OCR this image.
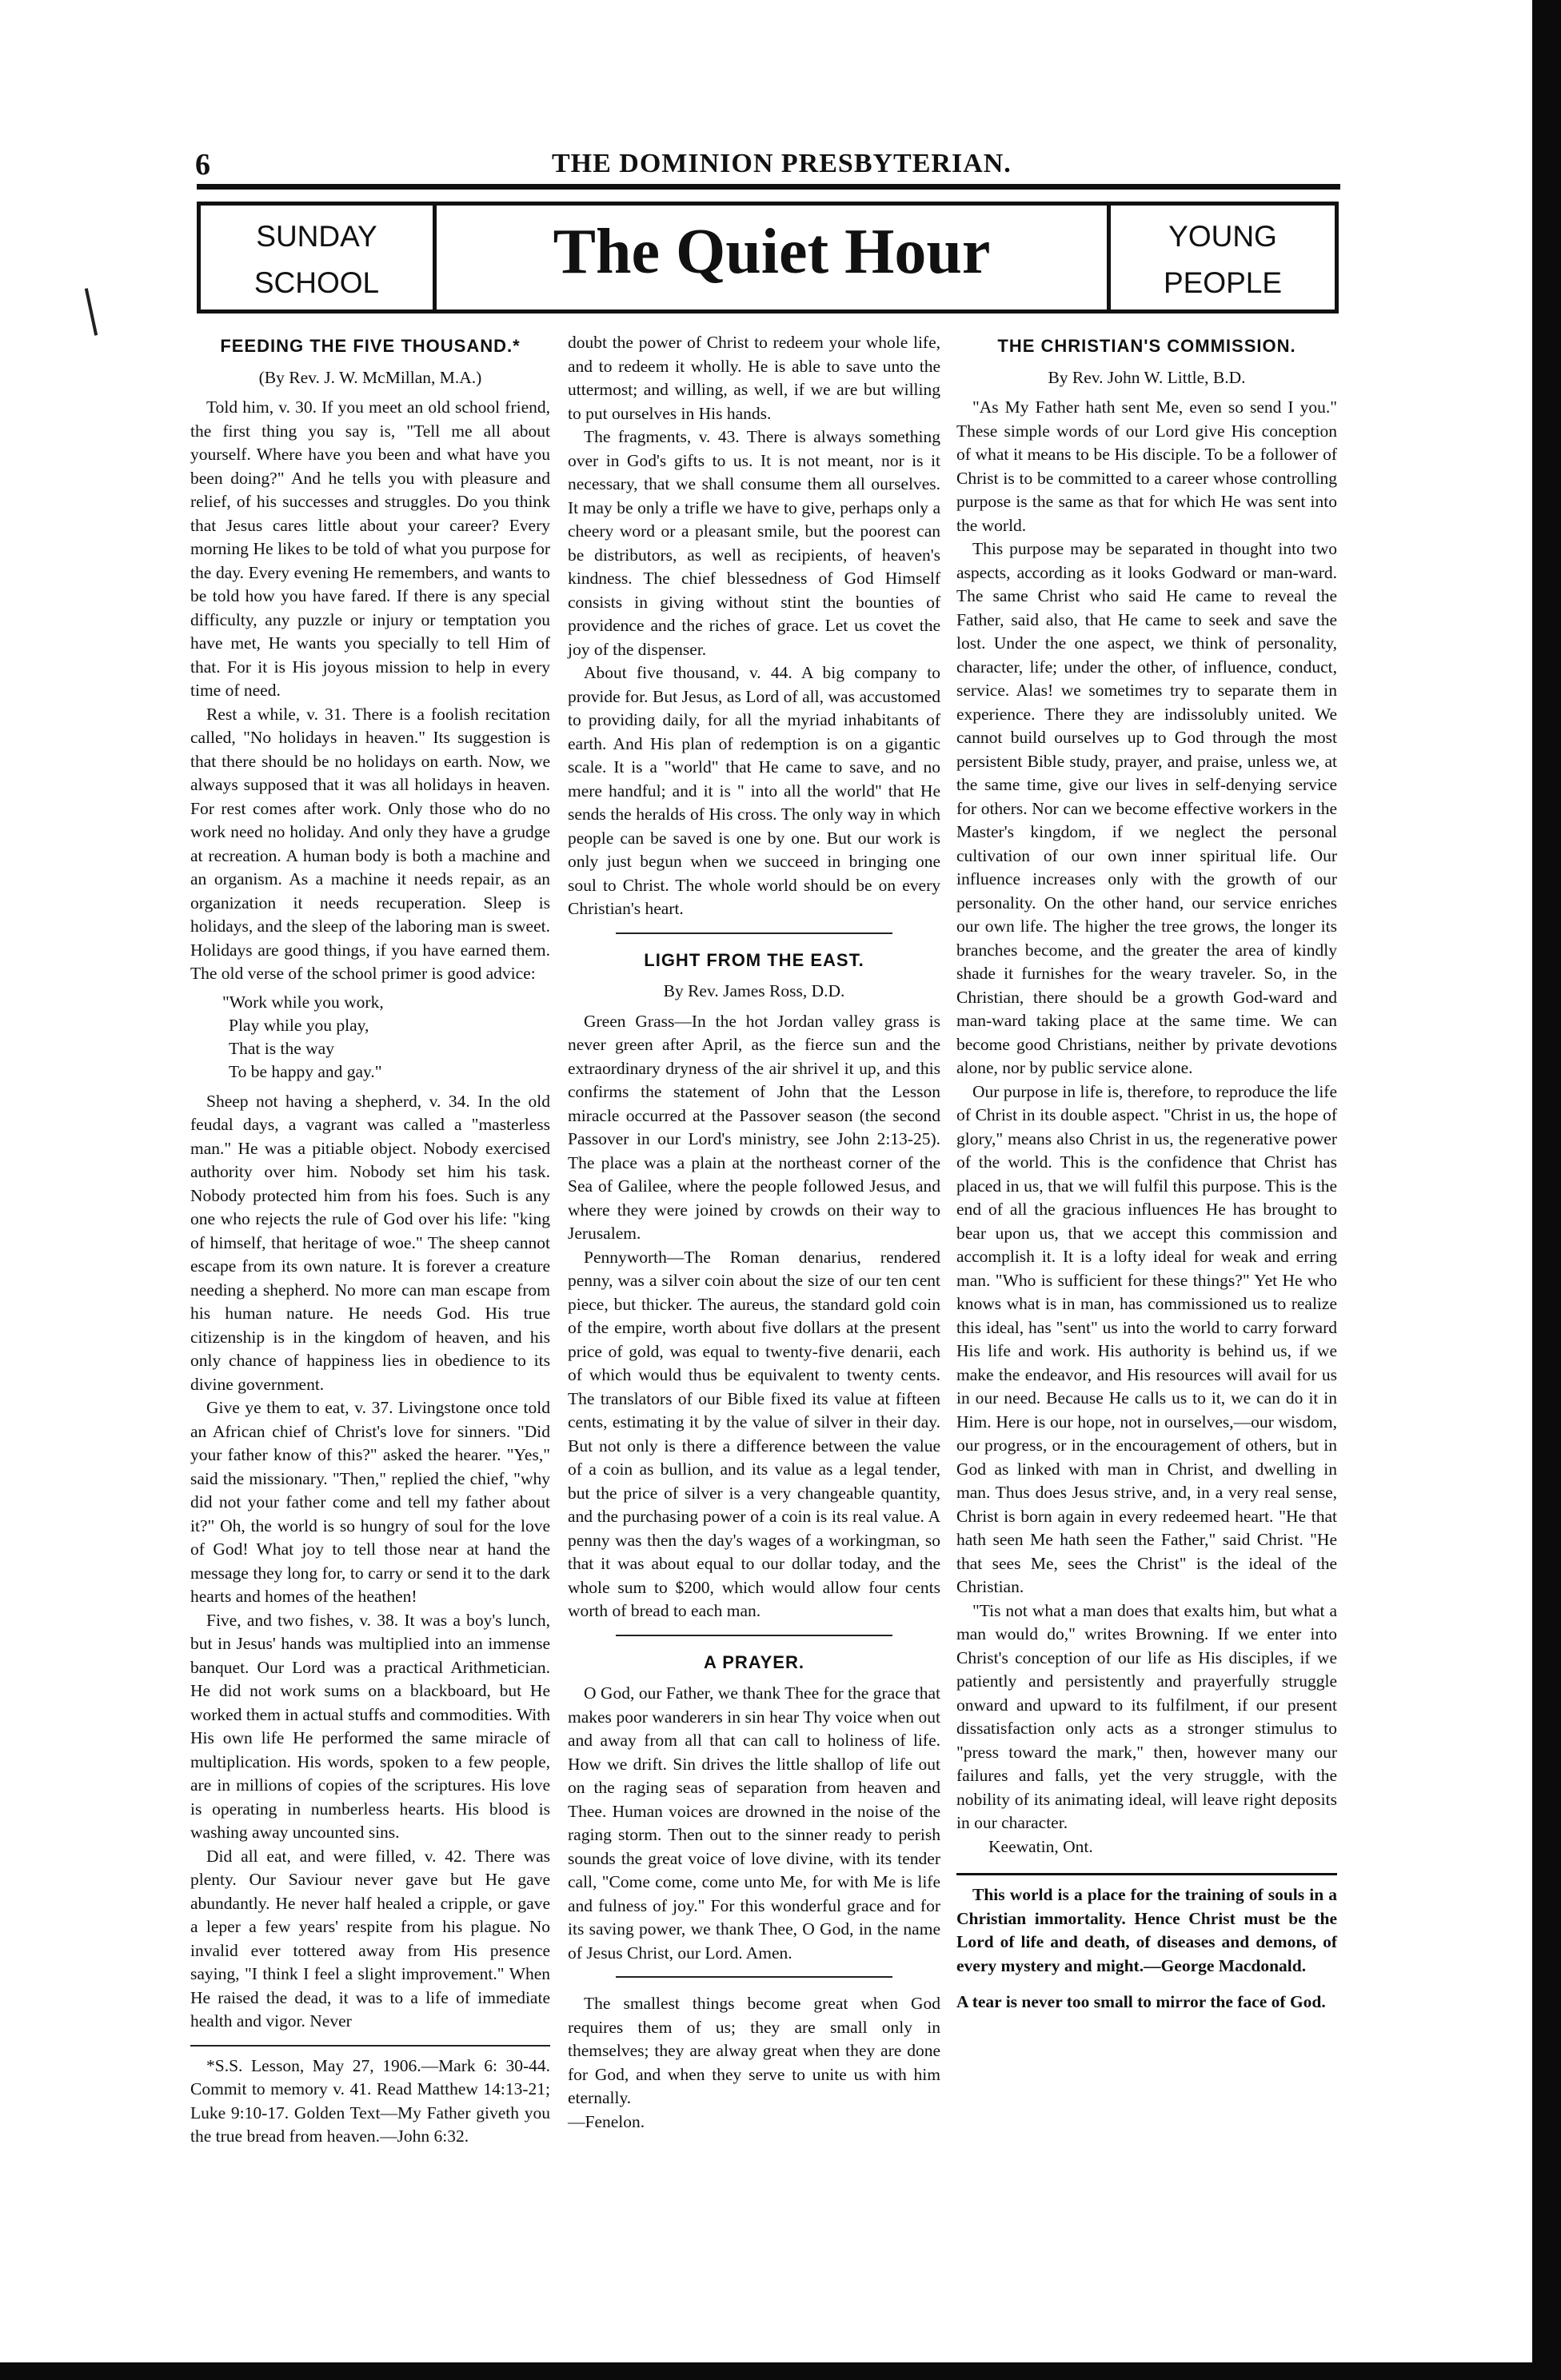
6	THE DOMINION PRESBYTERIAN.
SUNDAY
SCHOOL	The Quiet Hour	YOUNG
PEOPLE
FEEDING THE FIVE THOUSAND.*
(By Rev. J. W. McMillan, M.A.)

Told him, v. 30. If you meet an old school friend, the first thing you say is, "Tell me all about yourself. Where have you been and what have you been doing?" And he tells you with pleasure and relief, of his successes and struggles. Do you think that Jesus cares little about your career? Every morning He likes to be told of what you purpose for the day. Every evening He remembers, and wants to be told how you have fared. If there is any special difficulty, any puzzle or injury or temptation you have met, He wants you specially to tell Him of that. For it is His joyous mission to help in every time of need.

Rest a while, v. 31. There is a foolish recitation called, "No holidays in heaven." Its suggestion is that there should be no holidays on earth. Now, we always supposed that it was all holidays in heaven. For rest comes after work. Only those who do no work need no holiday. And only they have a grudge at recreation. A human body is both a machine and an organism. As a machine it needs repair, as an organization it needs recuperation. Sleep is holidays, and the sleep of the laboring man is sweet. Holidays are good things, if you have earned them. The old verse of the school primer is good advice:

"Work while you work,
Play while you play,
That is the way
To be happy and gay."

Sheep not having a shepherd, v. 34. In the old feudal days, a vagrant was called a "masterless man." He was a pitiable object. Nobody exercised authority over him. Nobody set him his task. Nobody protected him from his foes. Such is any one who rejects the rule of God over his life: "king of himself, that heritage of woe." The sheep cannot escape from its own nature. It is forever a creature needing a shepherd. No more can man escape from his human nature. He needs God. His true citizenship is in the kingdom of heaven, and his only chance of happiness lies in obedience to its divine government.

Give ye them to eat, v. 37. Livingstone once told an African chief of Christ's love for sinners. "Did your father know of this?" asked the hearer. "Yes," said the missionary. "Then," replied the chief, "why did not your father come and tell my father about it?" Oh, the world is so hungry of soul for the love of God! What joy to tell those near at hand the message they long for, to carry or send it to the dark hearts and homes of the heathen!

Five, and two fishes, v. 38. It was a boy's lunch, but in Jesus' hands was multiplied into an immense banquet. Our Lord was a practical Arithmetician. He did not work sums on a blackboard, but He worked them in actual stuffs and commodities. With His own life He performed the same miracle of multiplication. His words, spoken to a few people, are in millions of copies of the scriptures. His love is operating in numberless hearts. His blood is washing away uncounted sins.

Did all eat, and were filled, v. 42. There was plenty. Our Saviour never gave but He gave abundantly. He never half healed a cripple, or gave a leper a few years' respite from his plague. No invalid ever tottered away from His presence saying, "I think I feel a slight improvement." When He raised the dead, it was to a life of immediate health and vigor. Never

*S.S. Lesson, May 27, 1906.—Mark 6: 30-44. Commit to memory v. 41. Read Matthew 14:13-21; Luke 9:10-17. Golden Text—My Father giveth you the true bread from heaven.—John 6:32.

doubt the power of Christ to redeem your whole life, and to redeem it wholly. He is able to save unto the uttermost; and willing, as well, if we are but willing to put ourselves in His hands.

The fragments, v. 43. There is always something over in God's gifts to us. It is not meant, nor is it necessary, that we shall consume them all ourselves. It may be only a trifle we have to give, perhaps only a cheery word or a pleasant smile, but the poorest can be distributors, as well as recipients, of heaven's kindness. The chief blessedness of God Himself consists in giving without stint the bounties of providence and the riches of grace. Let us covet the joy of the dispenser.

About five thousand, v. 44. A big company to provide for. But Jesus, as Lord of all, was accustomed to providing daily, for all the myriad inhabitants of earth. And His plan of redemption is on a gigantic scale. It is a "world" that He came to save, and no mere handful; and it is " into all the world" that He sends the heralds of His cross. The only way in which people can be saved is one by one. But our work is only just begun when we succeed in bringing one soul to Christ. The whole world should be on every Christian's heart.

LIGHT FROM THE EAST.
By Rev. James Ross, D.D.

Green Grass—In the hot Jordan valley grass is never green after April, as the fierce sun and the extraordinary dryness of the air shrivel it up, and this confirms the statement of John that the Lesson miracle occurred at the Passover season (the second Passover in our Lord's ministry, see John 2:13-25). The place was a plain at the northeast corner of the Sea of Galilee, where the people followed Jesus, and where they were joined by crowds on their way to Jerusalem.

Pennyworth—The Roman denarius, rendered penny, was a silver coin about the size of our ten cent piece, but thicker. The aureus, the standard gold coin of the empire, worth about five dollars at the present price of gold, was equal to twenty-five denarii, each of which would thus be equivalent to twenty cents. The translators of our Bible fixed its value at fifteen cents, estimating it by the value of silver in their day. But not only is there a difference between the value of a coin as bullion, and its value as a legal tender, but the price of silver is a very changeable quantity, and the purchasing power of a coin is its real value. A penny was then the day's wages of a workingman, so that it was about equal to our dollar today, and the whole sum to $200, which would allow four cents worth of bread to each man.

A PRAYER.

O God, our Father, we thank Thee for the grace that makes poor wanderers in sin hear Thy voice when out and away from all that can call to holiness of life. How we drift. Sin drives the little shallop of life out on the raging seas of separation from heaven and Thee. Human voices are drowned in the noise of the raging storm. Then out to the sinner ready to perish sounds the great voice of love divine, with its tender call, "Come come, come unto Me, for with Me is life and fulness of joy." For this wonderful grace and for its saving power, we thank Thee, O God, in the name of Jesus Christ, our Lord. Amen.

The smallest things become great when God requires them of us; they are small only in themselves; they are alway great when they are done for God, and when they serve to unite us with him eternally.

—Fenelon.
THE CHRISTIAN'S COMMISSION.
By Rev. John W. Little, B.D.

"As My Father hath sent Me, even so send I you." These simple words of our Lord give His conception of what it means to be His disciple. To be a follower of Christ is to be committed to a career whose controlling purpose is the same as that for which He was sent into the world.

This purpose may be separated in thought into two aspects, according as it looks Godward or man-ward. The same Christ who said He came to reveal the Father, said also, that He came to seek and save the lost. Under the one aspect, we think of personality, character, life; under the other, of influence, conduct, service. Alas! we sometimes try to separate them in experience. There they are indissolubly united. We cannot build ourselves up to God through the most persistent Bible study, prayer, and praise, unless we, at the same time, give our lives in self-denying service for others. Nor can we become effective workers in the Master's kingdom, if we neglect the personal cultivation of our own inner spiritual life. Our influence increases only with the growth of our personality. On the other hand, our service enriches our own life. The higher the tree grows, the longer its branches become, and the greater the area of kindly shade it furnishes for the weary traveler. So, in the Christian, there should be a growth God-ward and man-ward taking place at the same time. We can become good Christians, neither by private devotions alone, nor by public service alone.

Our purpose in life is, therefore, to reproduce the life of Christ in its double aspect. "Christ in us, the hope of glory," means also Christ in us, the regenerative power of the world. This is the confidence that Christ has placed in us, that we will fulfil this purpose. This is the end of all the gracious influences He has brought to bear upon us, that we accept this commission and accomplish it. It is a lofty ideal for weak and erring man. "Who is sufficient for these things?" Yet He who knows what is in man, has commissioned us to realize this ideal, has "sent" us into the world to carry forward His life and work. His authority is behind us, if we make the endeavor, and His resources will avail for us in our need. Because He calls us to it, we can do it in Him. Here is our hope, not in ourselves,—our wisdom, our progress, or in the encouragement of others, but in God as linked with man in Christ, and dwelling in man. Thus does Jesus strive, and, in a very real sense, Christ is born again in every redeemed heart. "He that hath seen Me hath seen the Father," said Christ. "He that sees Me, sees the Christ" is the ideal of the Christian.

"Tis not what a man does that exalts him, but what a man would do," writes Browning. If we enter into Christ's conception of our life as His disciples, if we patiently and persistently and prayerfully struggle onward and upward to its fulfilment, if our present dissatisfaction only acts as a stronger stimulus to "press toward the mark," then, however many our failures and falls, yet the very struggle, with the nobility of its animating ideal, will leave right deposits in our character.

Keewatin, Ont.

This world is a place for the training of souls in a Christian immortality. Hence Christ must be the Lord of life and death, of diseases and demons, of every mystery and might.—George Macdonald.

A tear is never too small to mirror the face of God.
